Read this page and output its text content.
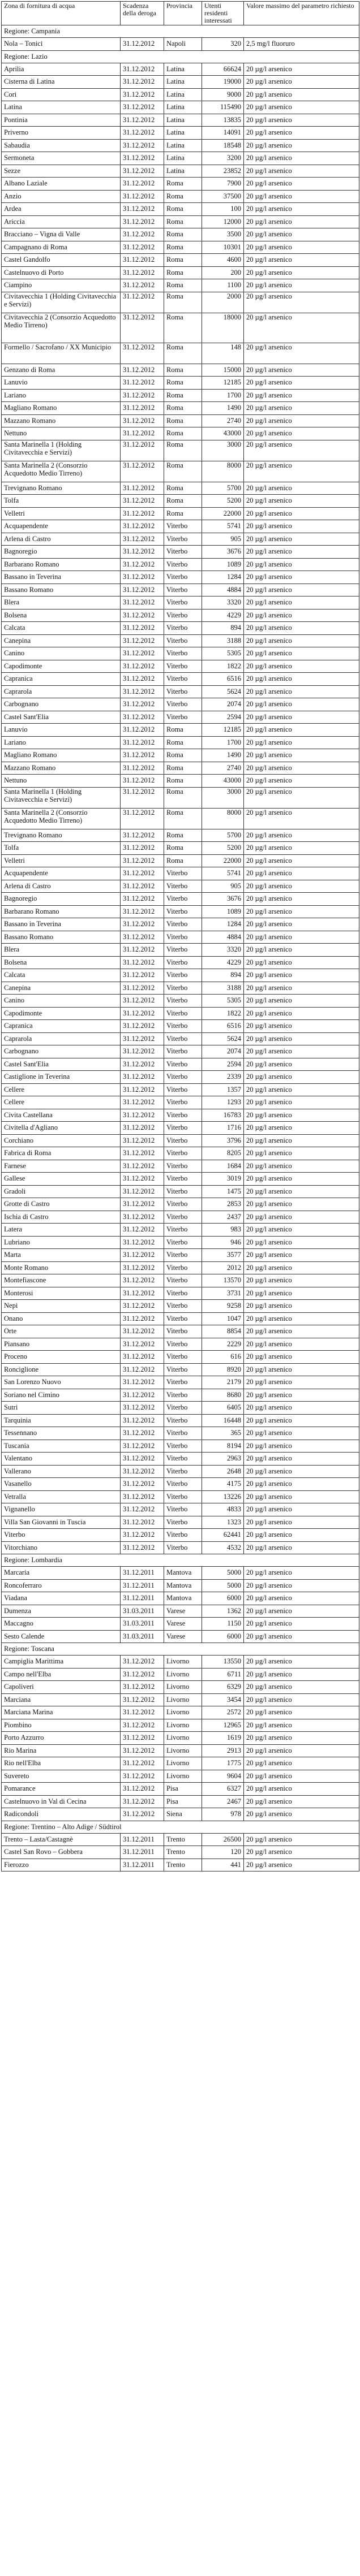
Zona di fornitura di acqua	Scadenza della deroga	Provincia	Utenti residenti interessati	Valore massimo del parametro richiesto
Regione: Campania				
Nola – Tonici	31.12.2012	Napoli	320	2,5 mg/l fluoruro
Regione: Lazio				
Aprilia	31.12.2012	Latina	66624	20 µg/l arsenico
Cisterna di Latina	31.12.2012	Latina	19000	20 µg/l arsenico
Cori	31.12.2012	Latina	9000	20 µg/l arsenico
Latina	31.12.2012	Latina	115490	20 µg/l arsenico
Pontinia	31.12.2012	Latina	13835	20 µg/l arsenico
Priverno	31.12.2012	Latina	14091	20 µg/l arsenico
Sabaudia	31.12.2012	Latina	18548	20 µg/l arsenico
Sermoneta	31.12.2012	Latina	3200	20 µg/l arsenico
Sezze	31.12.2012	Latina	23852	20 µg/l arsenico
Albano Laziale	31.12.2012	Roma	7900	20 µg/l arsenico
Anzio	31.12.2012	Roma	37500	20 µg/l arsenico
Ardea	31.12.2012	Roma	100	20 µg/l arsenico
Ariccia	31.12.2012	Roma	12000	20 µg/l arsenico
Bracciano – Vigna di Valle	31.12.2012	Roma	3500	20 µg/l arsenico
Campagnano di Roma	31.12.2012	Roma	10301	20 µg/l arsenico
Castel Gandolfo	31.12.2012	Roma	4600	20 µg/l arsenico
Castelnuovo di Porto	31.12.2012	Roma	200	20 µg/l arsenico
Ciampino	31.12.2012	Roma	1100	20 µg/l arsenico
Civitavecchia 1 (Holding Civitavecchia e Servizi)	31.12.2012	Roma	2000	20 µg/l arsenico
Civitavecchia 2 (Consorzio Acquedotto Medio Tirreno)	31.12.2012	Roma	18000	20 µg/l arsenico
Formello / Sacrofano / XX Municipio	31.12.2012	Roma	148	20 µg/l arsenico
Genzano di Roma	31.12.2012	Roma	15000	20 µg/l arsenico
Lanuvio	31.12.2012	Roma	12185	20 µg/l arsenico
Lariano	31.12.2012	Roma	1700	20 µg/l arsenico
Magliano Romano	31.12.2012	Roma	1490	20 µg/l arsenico
Mazzano Romano	31.12.2012	Roma	2740	20 µg/l arsenico
Nettuno	31.12.2012	Roma	43000	20 µg/l arsenico
Santa Marinella 1 (Holding Civitavecchia e Servizi)	31.12.2012	Roma	3000	20 µg/l arsenico
Santa Marinella 2 (Consorzio Acquedotto Medio Tirreno)	31.12.2012	Roma	8000	20 µg/l arsenico
Trevignano Romano	31.12.2012	Roma	5700	20 µg/l arsenico
Tolfa	31.12.2012	Roma	5200	20 µg/l arsenico
Velletri	31.12.2012	Roma	22000	20 µg/l arsenico
Acquapendente	31.12.2012	Viterbo	5741	20 µg/l arsenico
Arlena di Castro	31.12.2012	Viterbo	905	20 µg/l arsenico
Bagnoregio	31.12.2012	Viterbo	3676	20 µg/l arsenico
Barbarano Romano	31.12.2012	Viterbo	1089	20 µg/l arsenico
Bassano in Teverina	31.12.2012	Viterbo	1284	20 µg/l arsenico
Bassano Romano	31.12.2012	Viterbo	4884	20 µg/l arsenico
Blera	31.12.2012	Viterbo	3320	20 µg/l arsenico
Bolsena	31.12.2012	Viterbo	4229	20 µg/l arsenico
Calcata	31.12.2012	Viterbo	894	20 µg/l arsenico
Canepina	31.12.2012	Viterbo	3188	20 µg/l arsenico
Canino	31.12.2012	Viterbo	5305	20 µg/l arsenico
Capodimonte	31.12.2012	Viterbo	1822	20 µg/l arsenico
Capranica	31.12.2012	Viterbo	6516	20 µg/l arsenico
Caprarola	31.12.2012	Viterbo	5624	20 µg/l arsenico
Carbognano	31.12.2012	Viterbo	2074	20 µg/l arsenico
Castel Sant'Elia	31.12.2012	Viterbo	2594	20 µg/l arsenico
Lanuvio	31.12.2012	Roma	12185	20 µg/l arsenico
Lariano	31.12.2012	Roma	1700	20 µg/l arsenico
Magliano Romano	31.12.2012	Roma	1490	20 µg/l arsenico
Mazzano Romano	31.12.2012	Roma	2740	20 µg/l arsenico
Nettuno	31.12.2012	Roma	43000	20 µg/l arsenico
Santa Marinella 1 (Holding Civitavecchia e Servizi)	31.12.2012	Roma	3000	20 µg/l arsenico
Santa Marinella 2 (Consorzio Acquedotto Medio Tirreno)	31.12.2012	Roma	8000	20 µg/l arsenico
Trevignano Romano	31.12.2012	Roma	5700	20 µg/l arsenico
Tolfa	31.12.2012	Roma	5200	20 µg/l arsenico
Velletri	31.12.2012	Roma	22000	20 µg/l arsenico
Acquapendente	31.12.2012	Viterbo	5741	20 µg/l arsenico
Arlena di Castro	31.12.2012	Viterbo	905	20 µg/l arsenico
Bagnoregio	31.12.2012	Viterbo	3676	20 µg/l arsenico
Barbarano Romano	31.12.2012	Viterbo	1089	20 µg/l arsenico
Bassano in Teverina	31.12.2012	Viterbo	1284	20 µg/l arsenico
Bassano Romano	31.12.2012	Viterbo	4884	20 µg/l arsenico
Blera	31.12.2012	Viterbo	3320	20 µg/l arsenico
Bolsena	31.12.2012	Viterbo	4229	20 µg/l arsenico
Calcata	31.12.2012	Viterbo	894	20 µg/l arsenico
Canepina	31.12.2012	Viterbo	3188	20 µg/l arsenico
Canino	31.12.2012	Viterbo	5305	20 µg/l arsenico
Capodimonte	31.12.2012	Viterbo	1822	20 µg/l arsenico
Capranica	31.12.2012	Viterbo	6516	20 µg/l arsenico
Caprarola	31.12.2012	Viterbo	5624	20 µg/l arsenico
Carbognano	31.12.2012	Viterbo	2074	20 µg/l arsenico
Castel Sant'Elia	31.12.2012	Viterbo	2594	20 µg/l arsenico
Castiglione in Teverina	31.12.2012	Viterbo	2339	20 µg/l arsenico
Cellere	31.12.2012	Viterbo	1357	20 µg/l arsenico
Cellere	31.12.2012	Viterbo	1293	20 µg/l arsenico
Civita Castellana	31.12.2012	Viterbo	16783	20 µg/l arsenico
Civitella d'Agliano	31.12.2012	Viterbo	1716	20 µg/l arsenico
Corchiano	31.12.2012	Viterbo	3796	20 µg/l arsenico
Fabrica di Roma	31.12.2012	Viterbo	8205	20 µg/l arsenico
Farnese	31.12.2012	Viterbo	1684	20 µg/l arsenico
Gallese	31.12.2012	Viterbo	3019	20 µg/l arsenico
Gradoli	31.12.2012	Viterbo	1475	20 µg/l arsenico
Grotte di Castro	31.12.2012	Viterbo	2853	20 µg/l arsenico
Ischia di Castro	31.12.2012	Viterbo	2437	20 µg/l arsenico
Latera	31.12.2012	Viterbo	983	20 µg/l arsenico
Lubriano	31.12.2012	Viterbo	946	20 µg/l arsenico
Marta	31.12.2012	Viterbo	3577	20 µg/l arsenico
Monte Romano	31.12.2012	Viterbo	2012	20 µg/l arsenico
Montefiascone	31.12.2012	Viterbo	13570	20 µg/l arsenico
Monterosi	31.12.2012	Viterbo	3731	20 µg/l arsenico
Nepi	31.12.2012	Viterbo	9258	20 µg/l arsenico
Onano	31.12.2012	Viterbo	1047	20 µg/l arsenico
Orte	31.12.2012	Viterbo	8854	20 µg/l arsenico
Piansano	31.12.2012	Viterbo	2229	20 µg/l arsenico
Proceno	31.12.2012	Viterbo	616	20 µg/l arsenico
Ronciglione	31.12.2012	Viterbo	8920	20 µg/l arsenico
San Lorenzo Nuovo	31.12.2012	Viterbo	2179	20 µg/l arsenico
Soriano nel Cimino	31.12.2012	Viterbo	8680	20 µg/l arsenico
Sutri	31.12.2012	Viterbo	6405	20 µg/l arsenico
Tarquinia	31.12.2012	Viterbo	16448	20 µg/l arsenico
Tessennano	31.12.2012	Viterbo	365	20 µg/l arsenico
Tuscania	31.12.2012	Viterbo	8194	20 µg/l arsenico
Valentano	31.12.2012	Viterbo	2963	20 µg/l arsenico
Vallerano	31.12.2012	Viterbo	2648	20 µg/l arsenico
Vasanello	31.12.2012	Viterbo	4175	20 µg/l arsenico
Vetralla	31.12.2012	Viterbo	13226	20 µg/l arsenico
Vignanello	31.12.2012	Viterbo	4833	20 µg/l arsenico
Villa San Giovanni in Tuscia	31.12.2012	Viterbo	1323	20 µg/l arsenico
Viterbo	31.12.2012	Viterbo	62441	20 µg/l arsenico
Vitorchiano	31.12.2012	Viterbo	4532	20 µg/l arsenico
Regione: Lombardia				
Marcaria	31.12.2011	Mantova	5000	20 µg/l arsenico
Roncoferraro	31.12.2011	Mantova	5000	20 µg/l arsenico
Viadana	31.12.2011	Mantova	6000	20 µg/l arsenico
Dumenza	31.03.2011	Varese	1362	20 µg/l arsenico
Maccagno	31.03.2011	Varese	1150	20 µg/l arsenico
Sesto Calende	31.03.2011	Varese	6000	20 µg/l arsenico
Regione: Toscana				
Campiglia Marittima	31.12.2012	Livorno	13550	20 µg/l arsenico
Campo nell'Elba	31.12.2012	Livorno	6711	20 µg/l arsenico
Capoliveri	31.12.2012	Livorno	6329	20 µg/l arsenico
Marciana	31.12.2012	Livorno	3454	20 µg/l arsenico
Marciana Marina	31.12.2012	Livorno	2572	20 µg/l arsenico
Piombino	31.12.2012	Livorno	12965	20 µg/l arsenico
Porto Azzurro	31.12.2012	Livorno	1619	20 µg/l arsenico
Rio Marina	31.12.2012	Livorno	2913	20 µg/l arsenico
Rio nell'Elba	31.12.2012	Livorno	1775	20 µg/l arsenico
Suvereto	31.12.2012	Livorno	9604	20 µg/l arsenico
Pomarance	31.12.2012	Pisa	6327	20 µg/l arsenico
Castelnuovo in Val di Cecina	31.12.2012	Pisa	2467	20 µg/l arsenico
Radicondoli	31.12.2012	Siena	978	20 µg/l arsenico
Regione: Trentino – Alto Adige / Südtirol				
Trento – Lasta/Castagnè	31.12.2011	Trento	26500	20 µg/l arsenico
Castel San Rovo – Gobbera	31.12.2011	Trento	120	20 µg/l arsenico
Fierozzo	31.12.2011	Trento	441	20 µg/l arsenico
